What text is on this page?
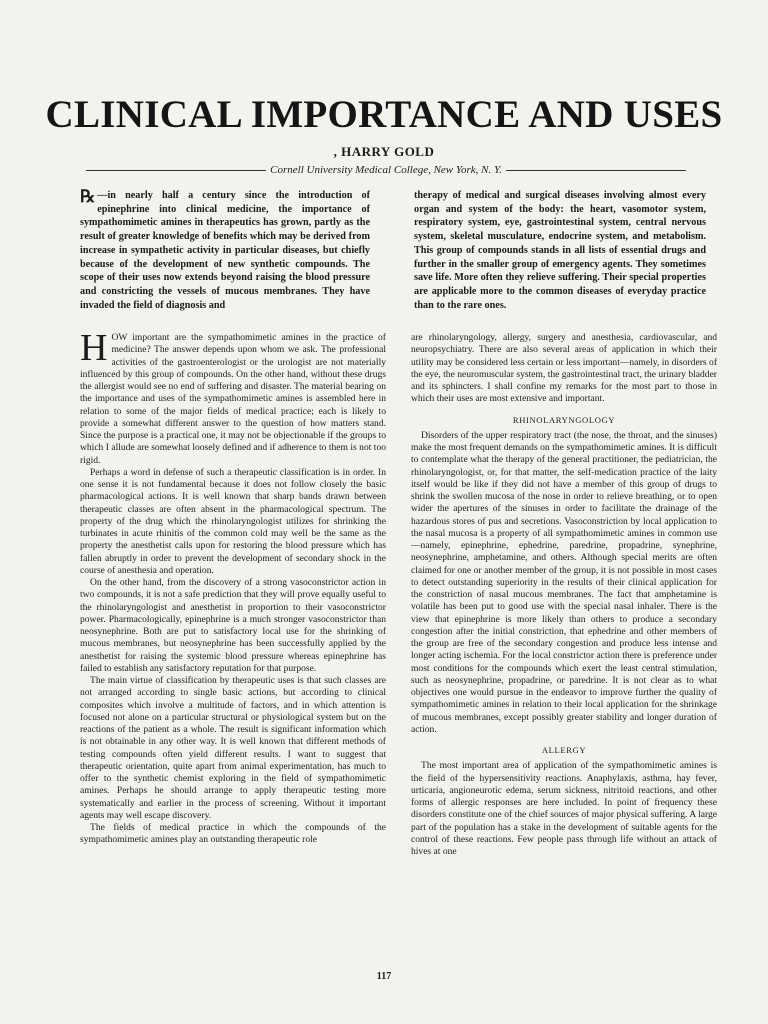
CLINICAL IMPORTANCE AND USES
, HARRY GOLD
Cornell University Medical College, New York, N. Y.
℞ —in nearly half a century since the introduction of epinephrine into clinical medicine, the importance of sympathomimetic amines in therapeutics has grown, partly as the result of greater knowledge of benefits which may be derived from increase in sympathetic activity in particular diseases, but chiefly because of the development of new synthetic compounds. The scope of their uses now extends beyond raising the blood pressure and constricting the vessels of mucous membranes. They have invaded the field of diagnosis and
therapy of medical and surgical diseases involving almost every organ and system of the body: the heart, vasomotor system, respiratory system, eye, gastrointestinal system, central nervous system, skeletal musculature, endocrine system, and metabolism. This group of compounds stands in all lists of essential drugs and further in the smaller group of emergency agents. They sometimes save life. More often they relieve suffering. Their special properties are applicable more to the common diseases of everyday practice than to the rare ones.

HOW important are the sympathomimetic amines in the practice of medicine? The answer depends upon whom we ask. The professional activities of the gastroenterologist or the urologist are not materially influenced by this group of compounds. On the other hand, without these drugs the allergist would see no end of suffering and disaster. The material bearing on the importance and uses of the sympathomimetic amines is assembled here in relation to some of the major fields of medical practice; each is likely to provide a somewhat different answer to the question of how matters stand. Since the purpose is a practical one, it may not be objectionable if the groups to which I allude are somewhat loosely defined and if adherence to them is not too rigid.

Perhaps a word in defense of such a therapeutic classification is in order. In one sense it is not fundamental because it does not follow closely the basic pharmacological actions. It is well known that sharp bands drawn between therapeutic classes are often absent in the pharmacological spectrum. The property of the drug which the rhinolaryngologist utilizes for shrinking the turbinates in acute rhinitis of the common cold may well be the same as the property the anesthetist calls upon for restoring the blood pressure which has fallen abruptly in order to prevent the development of secondary shock in the course of anesthesia and operation.

On the other hand, from the discovery of a strong vasoconstrictor action in two compounds, it is not a safe prediction that they will prove equally useful to the rhinolaryngologist and anesthetist in proportion to their vasoconstrictor power. Pharmacologically, epinephrine is a much stronger vasoconstrictor than neosynephrine. Both are put to satisfactory local use for the shrinking of mucous membranes, but neosynephrine has been successfully applied by the anesthetist for raising the systemic blood pressure whereas epinephrine has failed to establish any satisfactory reputation for that purpose.

The main virtue of classification by therapeutic uses is that such classes are not arranged according to single basic actions, but according to clinical composites which involve a multitude of factors, and in which attention is focused not alone on a particular structural or physiological system but on the reactions of the patient as a whole. The result is significant information which is not obtainable in any other way. It is well known that different methods of testing compounds often yield different results. I want to suggest that therapeutic orientation, quite apart from animal experimentation, has much to offer to the synthetic chemist exploring in the field of sympathomimetic amines. Perhaps he should arrange to apply therapeutic testing more systematically and earlier in the process of screening. Without it important agents may well escape discovery.

The fields of medical practice in which the compounds of the sympathomimetic amines play an outstanding therapeutic role

are rhinolaryngology, allergy, surgery and anesthesia, cardiovascular, and neuropsychiatry. There are also several areas of application in which their utility may be considered less certain or less important—namely, in disorders of the eye, the neuromuscular system, the gastrointestinal tract, the urinary bladder and its sphincters. I shall confine my remarks for the most part to those in which their uses are most extensive and important.

RHINOLARYNGOLOGY

Disorders of the upper respiratory tract (the nose, the throat, and the sinuses) make the most frequent demands on the sympathomimetic amines. It is difficult to contemplate what the therapy of the general practitioner, the pediatrician, the rhinolaryngologist, or, for that matter, the self-medication practice of the laity itself would be like if they did not have a member of this group of drugs to shrink the swollen mucosa of the nose in order to relieve breathing, or to open wider the apertures of the sinuses in order to facilitate the drainage of the hazardous stores of pus and secretions. Vasoconstriction by local application to the nasal mucosa is a property of all sympathomimetic amines in common use—namely, epinephrine, ephedrine, paredrine, propadrine, synephrine, neosynephrine, amphetamine, and others. Although special merits are often claimed for one or another member of the group, it is not possible in most cases to detect outstanding superiority in the results of their clinical application for the constriction of nasal mucous membranes. The fact that amphetamine is volatile has been put to good use with the special nasal inhaler. There is the view that epinephrine is more likely than others to produce a secondary congestion after the initial constriction, that ephedrine and other members of the group are free of the secondary congestion and produce less intense and longer acting ischemia. For the local constrictor action there is preference under most conditions for the compounds which exert the least central stimulation, such as neosynephrine, propadrine, or paredrine. It is not clear as to what objectives one would pursue in the endeavor to improve further the quality of sympathomimetic amines in relation to their local application for the shrinkage of mucous membranes, except possibly greater stability and longer duration of action.

ALLERGY

The most important area of application of the sympathomimetic amines is the field of the hypersensitivity reactions. Anaphylaxis, asthma, hay fever, urticaria, angioneurotic edema, serum sickness, nitritoid reactions, and other forms of allergic responses are here included. In point of frequency these disorders constitute one of the chief sources of major physical suffering. A large part of the population has a stake in the development of suitable agents for the control of these reactions. Few people pass through life without an attack of hives at one

117
